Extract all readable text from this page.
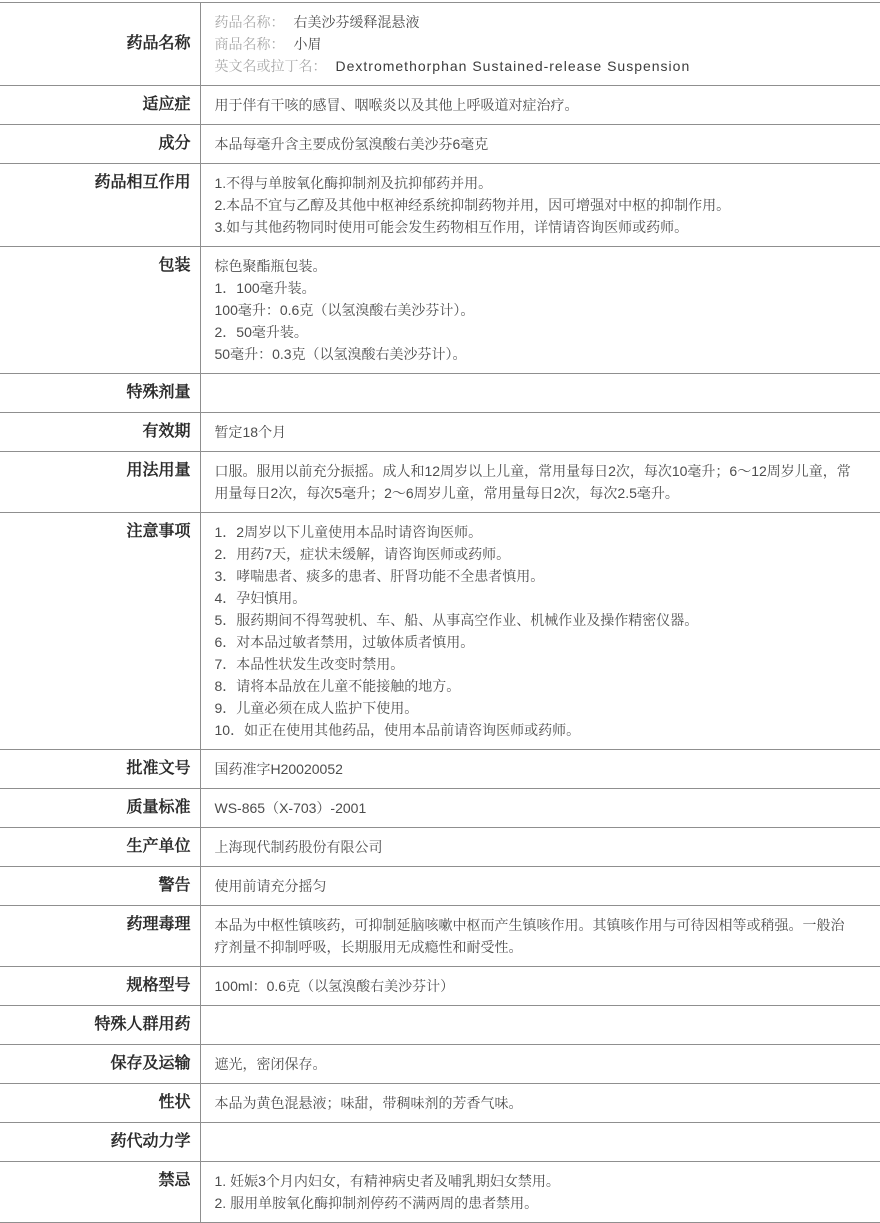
药品名称	药品名称： 右美沙芬缓释混悬液
商品名称： 小眉
英文名或拉丁名： Dextromethorphan Sustained-release Suspension

适应症	用于伴有干咳的感冒、咽喉炎以及其他上呼吸道对症治疗。

成分	本品每毫升含主要成份氢溴酸右美沙芬6毫克

药品相互作用	1.不得与单胺氧化酶抑制剂及抗抑郁药并用。
2.本品不宜与乙醇及其他中枢神经系统抑制药物并用，因可增强对中枢的抑制作用。
3.如与其他药物同时使用可能会发生药物相互作用，详情请咨询医师或药师。

包装	棕色聚酯瓶包装。
1．100毫升装。
100毫升：0.6克（以氢溴酸右美沙芬计）。
2．50毫升装。
50毫升：0.3克（以氢溴酸右美沙芬计）。

特殊剂量	
有效期	暂定18个月

用法用量	口服。服用以前充分振摇。成人和12周岁以上儿童，常用量每日2次，每次10毫升；6～12周岁儿童，常用量每日2次，每次5毫升；2～6周岁儿童，常用量每日2次，每次2.5毫升。

注意事项	1．2周岁以下儿童使用本品时请咨询医师。
2．用药7天，症状未缓解，请咨询医师或药师。
3．哮喘患者、痰多的患者、肝肾功能不全患者慎用。
4．孕妇慎用。
5．服药期间不得驾驶机、车、船、从事高空作业、机械作业及操作精密仪器。
6．对本品过敏者禁用，过敏体质者慎用。
7．本品性状发生改变时禁用。
8．请将本品放在儿童不能接触的地方。
9．儿童必须在成人监护下使用。
10．如正在使用其他药品，使用本品前请咨询医师或药师。

批准文号	国药准字H20020052

质量标准	WS-865（X-703）-2001

生产单位	上海现代制药股份有限公司

警告	使用前请充分摇匀

药理毒理	本品为中枢性镇咳药，可抑制延脑咳嗽中枢而产生镇咳作用。其镇咳作用与可待因相等或稍强。一般治疗剂量不抑制呼吸，长期服用无成瘾性和耐受性。

规格型号	100ml：0.6克（以氢溴酸右美沙芬计）

特殊人群用药	
保存及运输	遮光，密闭保存。

性状	本品为黄色混悬液；味甜，带稠味剂的芳香气味。

药代动力学	
禁忌	1. 妊娠3个月内妇女，有精神病史者及哺乳期妇女禁用。
2. 服用单胺氧化酶抑制剂停药不满两周的患者禁用。
